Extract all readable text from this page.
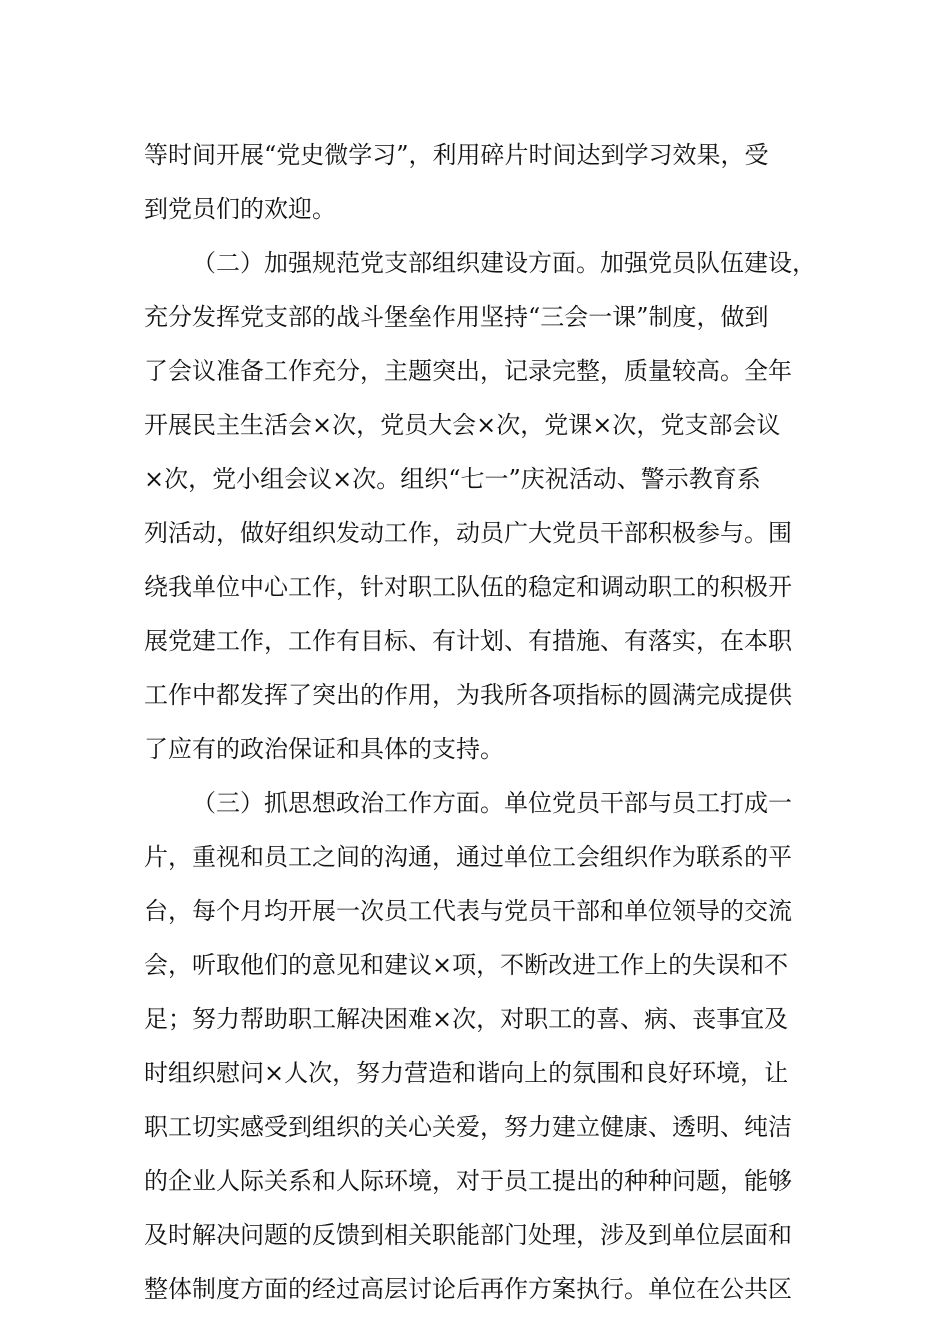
等时间开展“党史微学习”，利用碎片时间达到学习效果，受
到党员们的欢迎。
（二）加强规范党支部组织建设方面。加强党员队伍建设，
充分发挥党支部的战斗堡垒作用坚持“三会一课”制度，做到
了会议准备工作充分，主题突出，记录完整，质量较高。全年
开展民主生活会×次，党员大会×次，党课×次，党支部会议
×次，党小组会议×次。组织“七一”庆祝活动、警示教育系
列活动，做好组织发动工作，动员广大党员干部积极参与。围
绕我单位中心工作，针对职工队伍的稳定和调动职工的积极开
展党建工作，工作有目标、有计划、有措施、有落实，在本职
工作中都发挥了突出的作用，为我所各项指标的圆满完成提供
了应有的政治保证和具体的支持。
（三）抓思想政治工作方面。单位党员干部与员工打成一
片，重视和员工之间的沟通，通过单位工会组织作为联系的平
台，每个月均开展一次员工代表与党员干部和单位领导的交流
会，听取他们的意见和建议×项，不断改进工作上的失误和不
足；努力帮助职工解决困难×次，对职工的喜、病、丧事宜及
时组织慰问×人次，努力营造和谐向上的氛围和良好环境，让
职工切实感受到组织的关心关爱，努力建立健康、透明、纯洁
的企业人际关系和人际环境，对于员工提出的种种问题，能够
及时解决问题的反馈到相关职能部门处理，涉及到单位层面和
整体制度方面的经过高层讨论后再作方案执行。单位在公共区
